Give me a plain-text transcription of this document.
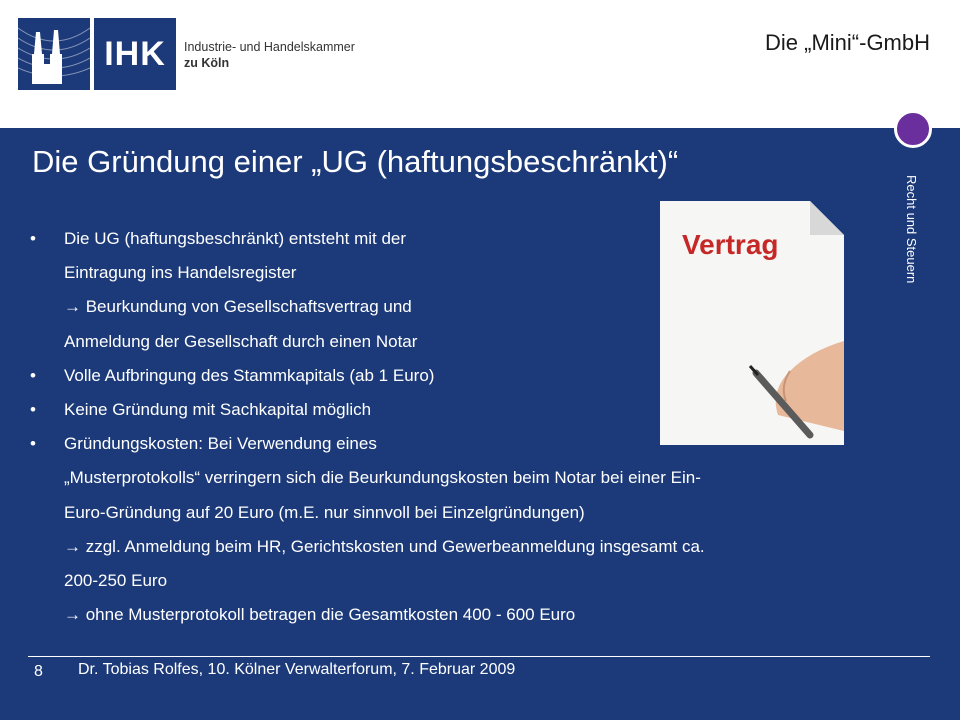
IHK	Industrie- und Handelskammer
zu Köln
Die „Mini“-GmbH
Recht und Steuern
Die Gründung einer „UG (haftungsbeschränkt)“
Vertrag
• Die UG (haftungsbeschränkt) entsteht mit der
Eintragung ins Handelsregister
→ Beurkundung von Gesellschaftsvertrag und
Anmeldung der Gesellschaft durch einen Notar
• Volle Aufbringung des Stammkapitals (ab 1 Euro)
• Keine Gründung mit Sachkapital möglich
• Gründungskosten: Bei Verwendung eines
„Musterprotokolls“ verringern sich die Beurkundungskosten beim Notar bei einer Ein-
Euro-Gründung auf 20 Euro (m.E. nur sinnvoll bei Einzelgründungen)
→ zzgl. Anmeldung beim HR, Gerichtskosten und Gewerbeanmeldung insgesamt ca.
200-250 Euro
→ ohne Musterprotokoll betragen die Gesamtkosten 400 - 600 Euro
8 Dr. Tobias Rolfes, 10. Kölner Verwalterforum, 7. Februar 2009
